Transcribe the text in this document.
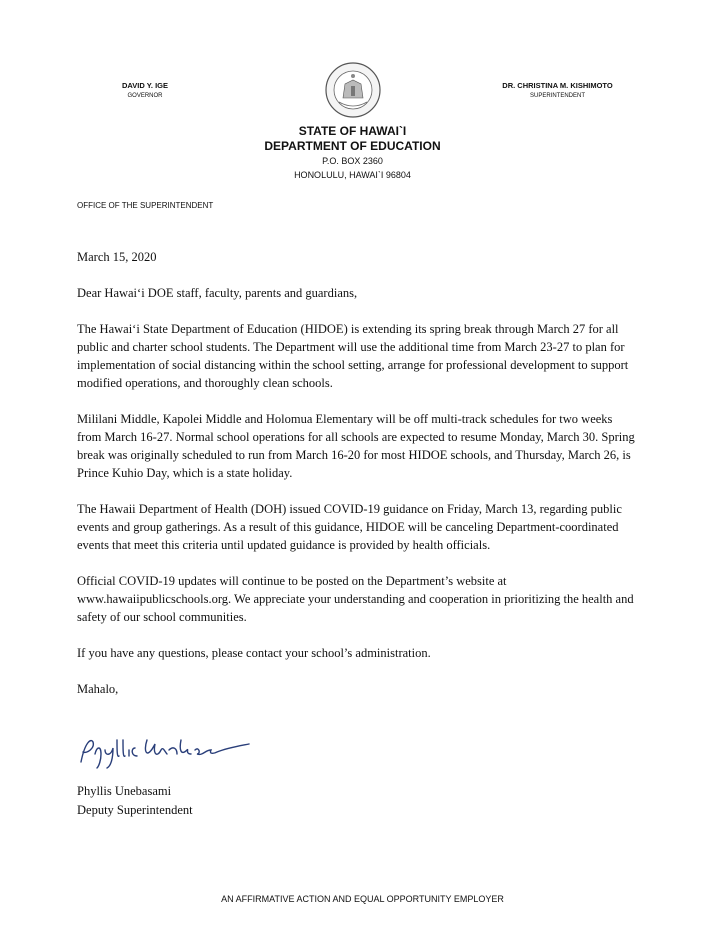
DAVID Y. IGE
GOVERNOR
DR. CHRISTINA M. KISHIMOTO
SUPERINTENDENT
STATE OF HAWAI`I
DEPARTMENT OF EDUCATION
P.O. BOX 2360
HONOLULU, HAWAI`I 96804
OFFICE OF THE SUPERINTENDENT

March 15, 2020

Dear Hawai‘i DOE staff, faculty, parents and guardians,

The Hawai‘i State Department of Education (HIDOE) is extending its spring break through March 27 for all public and charter school students. The Department will use the additional time from March 23-27 to plan for implementation of social distancing within the school setting, arrange for professional development to support modified operations, and thoroughly clean schools.

Mililani Middle, Kapolei Middle and Holomua Elementary will be off multi-track schedules for two weeks from March 16-27. Normal school operations for all schools are expected to resume Monday, March 30. Spring break was originally scheduled to run from March 16-20 for most HIDOE schools, and Thursday, March 26, is Prince Kuhio Day, which is a state holiday.

The Hawaii Department of Health (DOH) issued COVID-19 guidance on Friday, March 13, regarding public events and group gatherings. As a result of this guidance, HIDOE will be canceling Department-coordinated events that meet this criteria until updated guidance is provided by health officials.

Official COVID-19 updates will continue to be posted on the Department’s website at www.hawaiipublicschools.org. We appreciate your understanding and cooperation in prioritizing the health and safety of our school communities.

If you have any questions, please contact your school’s administration.

Mahalo,

Phyllis Unebasami
Deputy Superintendent
AN AFFIRMATIVE ACTION AND EQUAL OPPORTUNITY EMPLOYER
